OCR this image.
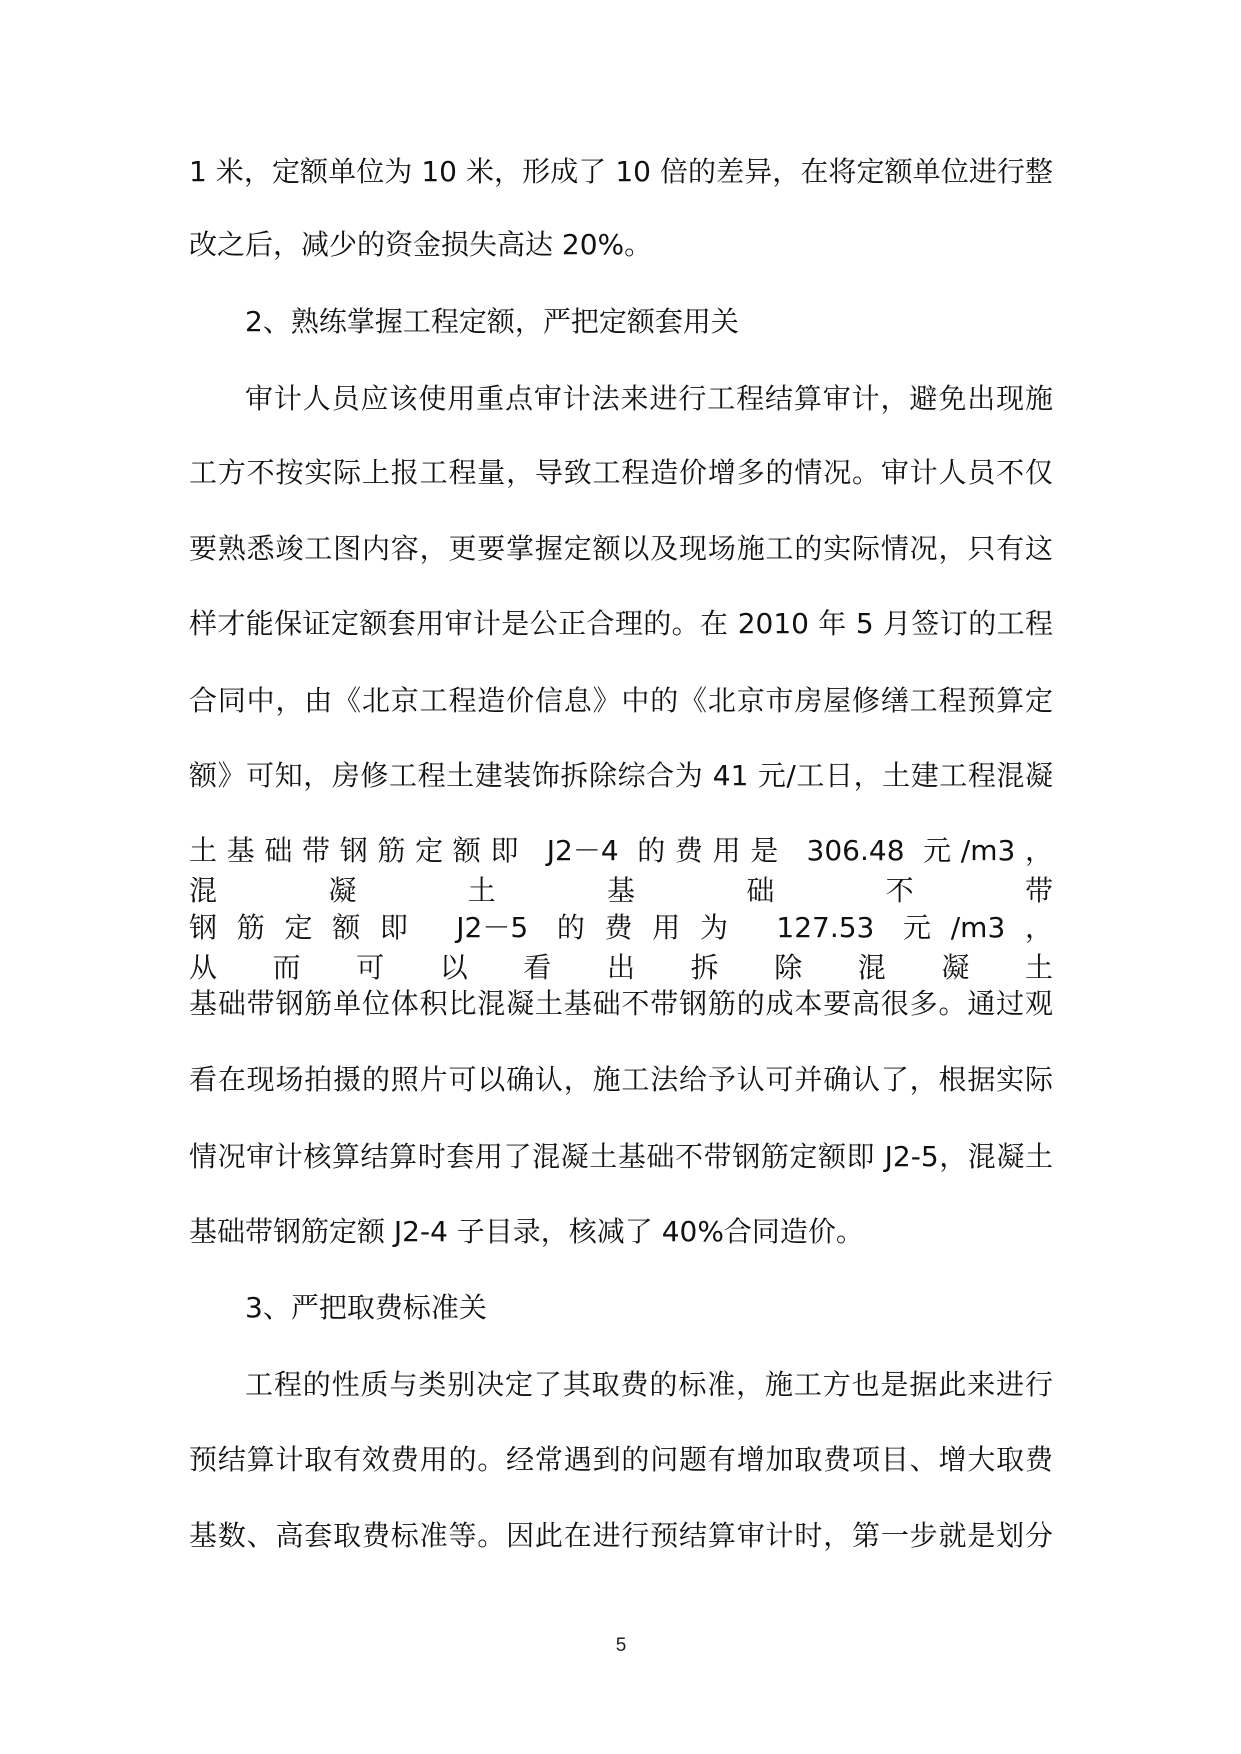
1 米，定额单位为 10 米，形成了 10 倍的差异，在将定额单位进行整
改之后，减少的资金损失高达 20%。
2、熟练掌握工程定额，严把定额套用关
审计人员应该使用重点审计法来进行工程结算审计，避免出现施
工方不按实际上报工程量，导致工程造价增多的情况。审计人员不仅
要熟悉竣工图内容，更要掌握定额以及现场施工的实际情况，只有这
样才能保证定额套用审计是公正合理的。在 2010 年 5 月签订的工程
合同中，由《北京工程造价信息》中的《北京市房屋修缮工程预算定
额》可知，房修工程土建装饰拆除综合为 41 元/工日，土建工程混凝
土基础带钢筋定额即 J2－4 的费用是 306.48 元/m3，混凝土基础不带
钢筋定额即 J2－5 的费用为 127.53 元/m3，从而可以看出拆除混凝土
基础带钢筋单位体积比混凝土基础不带钢筋的成本要高很多。通过观
看在现场拍摄的照片可以确认，施工法给予认可并确认了，根据实际
情况审计核算结算时套用了混凝土基础不带钢筋定额即 J2-5，混凝土
基础带钢筋定额 J2-4 子目录，核减了 40%合同造价。
3、严把取费标准关
工程的性质与类别决定了其取费的标准，施工方也是据此来进行
预结算计取有效费用的。经常遇到的问题有增加取费项目、增大取费
基数、高套取费标准等。因此在进行预结算审计时，第一步就是划分
5
